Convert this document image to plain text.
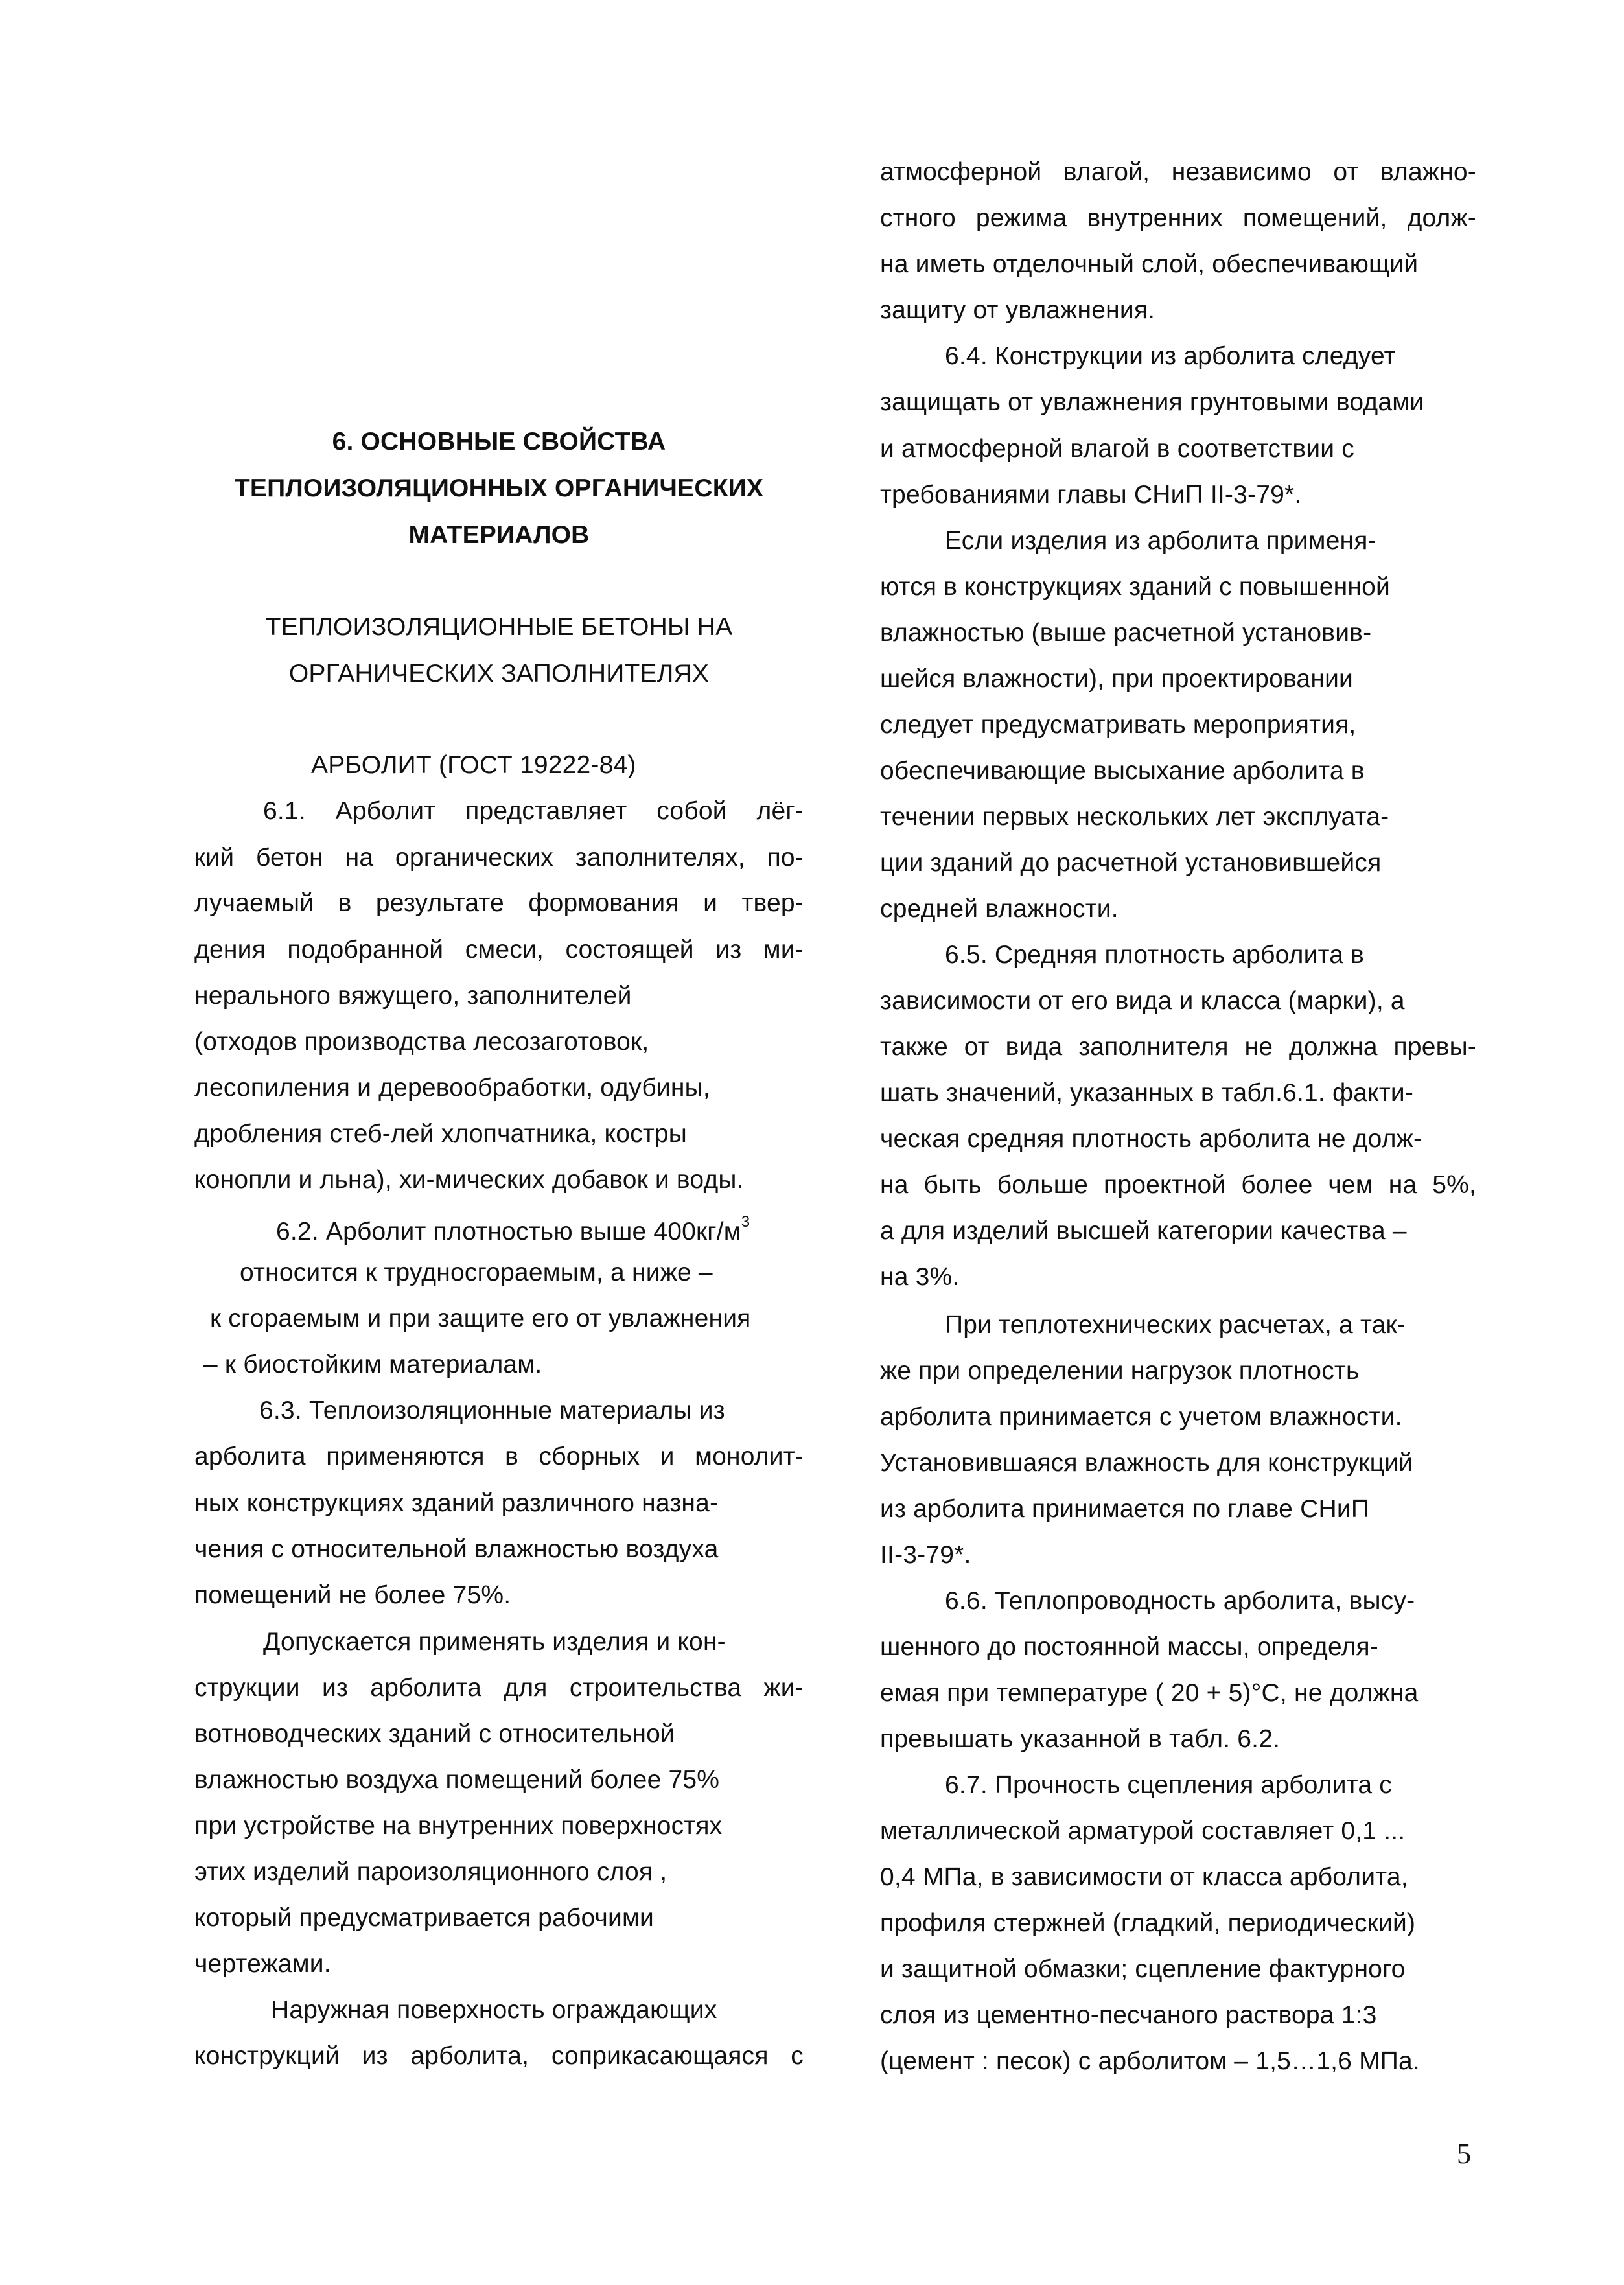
6. ОСНОВНЫЕ СВОЙСТВА
ТЕПЛОИЗОЛЯЦИОННЫХ ОРГАНИЧЕСКИХ
МАТЕРИАЛОВ
ТЕПЛОИЗОЛЯЦИОННЫЕ БЕТОНЫ НА
ОРГАНИЧЕСКИХ ЗАПОЛНИТЕЛЯХ
АРБОЛИТ (ГОСТ 19222-84)
6.1. Арболит представляет собой лёг-
кий бетон на органических заполнителях, по-
лучаемый в результате формования и твер-
дения подобранной смеси, состоящей из ми-
нерального вяжущего, заполнителей
(отходов производства лесозаготовок,
лесопиления и деревообработки, одубины,
дробления стеб-лей хлопчатника, костры
конопли и льна), хи-мических добавок и воды.
6.2. Арболит плотностью выше $400кг/м^3$
относится к трудносгораемым, а ниже –
к сгораемым и при защите его от увлажнения
– к биостойким материалам.
6.3. Теплоизоляционные материалы из
арболита применяются в сборных и монолит-
ных конструкциях зданий различного назна-
чения с относительной влажностью воздуха
помещений не более 75%.
Допускается применять изделия и кон-
струкции из арболита для строительства жи-
вотноводческих зданий с относительной
влажностью воздуха помещений более 75%
при устройстве на внутренних поверхностях
этих изделий пароизоляционного слоя ,
который предусматривается рабочими
чертежами.
Наружная поверхность ограждающих
конструкций из арболита, соприкасающаяся с
атмосферной влагой, независимо от влажно-
стного режима внутренних помещений, долж-
на иметь отделочный слой, обеспечивающий
защиту от увлажнения.
6.4. Конструкции из арболита следует
защищать от увлажнения грунтовыми водами
и атмосферной влагой в соответствии с
требованиями главы СНиП II-3-79*.
Если изделия из арболита применя-
ются в конструкциях зданий с повышенной
влажностью (выше расчетной установив-
шейся влажности), при проектировании
следует предусматривать мероприятия,
обеспечивающие высыхание арболита в
течении первых нескольких лет эксплуата-
ции зданий до расчетной установившейся
средней влажности.
6.5. Средняя плотность арболита в
зависимости от его вида и класса (марки), а
также от вида заполнителя не должна превы-
шать значений, указанных в табл.6.1. факти-
ческая средняя плотность арболита не долж-
на быть больше проектной более чем на 5%,
а для изделий высшей категории качества –
на 3%.
При теплотехнических расчетах, а так-
же при определении нагрузок плотность
арболита принимается с учетом влажности.
Установившаяся влажность для конструкций
из арболита принимается по главе СНиП
II-3-79*.
6.6. Теплопроводность арболита, высу-
шенного до постоянной массы, определя-
емая при температуре ( 20 + 5)°C, не должна
превышать указанной в табл. 6.2.
6.7. Прочность сцепления арболита с
металлической арматурой составляет 0,1 ...
0,4 МПа, в зависимости от класса арболита,
профиля стержней (гладкий, периодический)
и защитной обмазки; сцепление фактурного
слоя из цементно-песчаного раствора 1:3
(цемент : песок) с арболитом – 1,5…1,6 МПа.
5
